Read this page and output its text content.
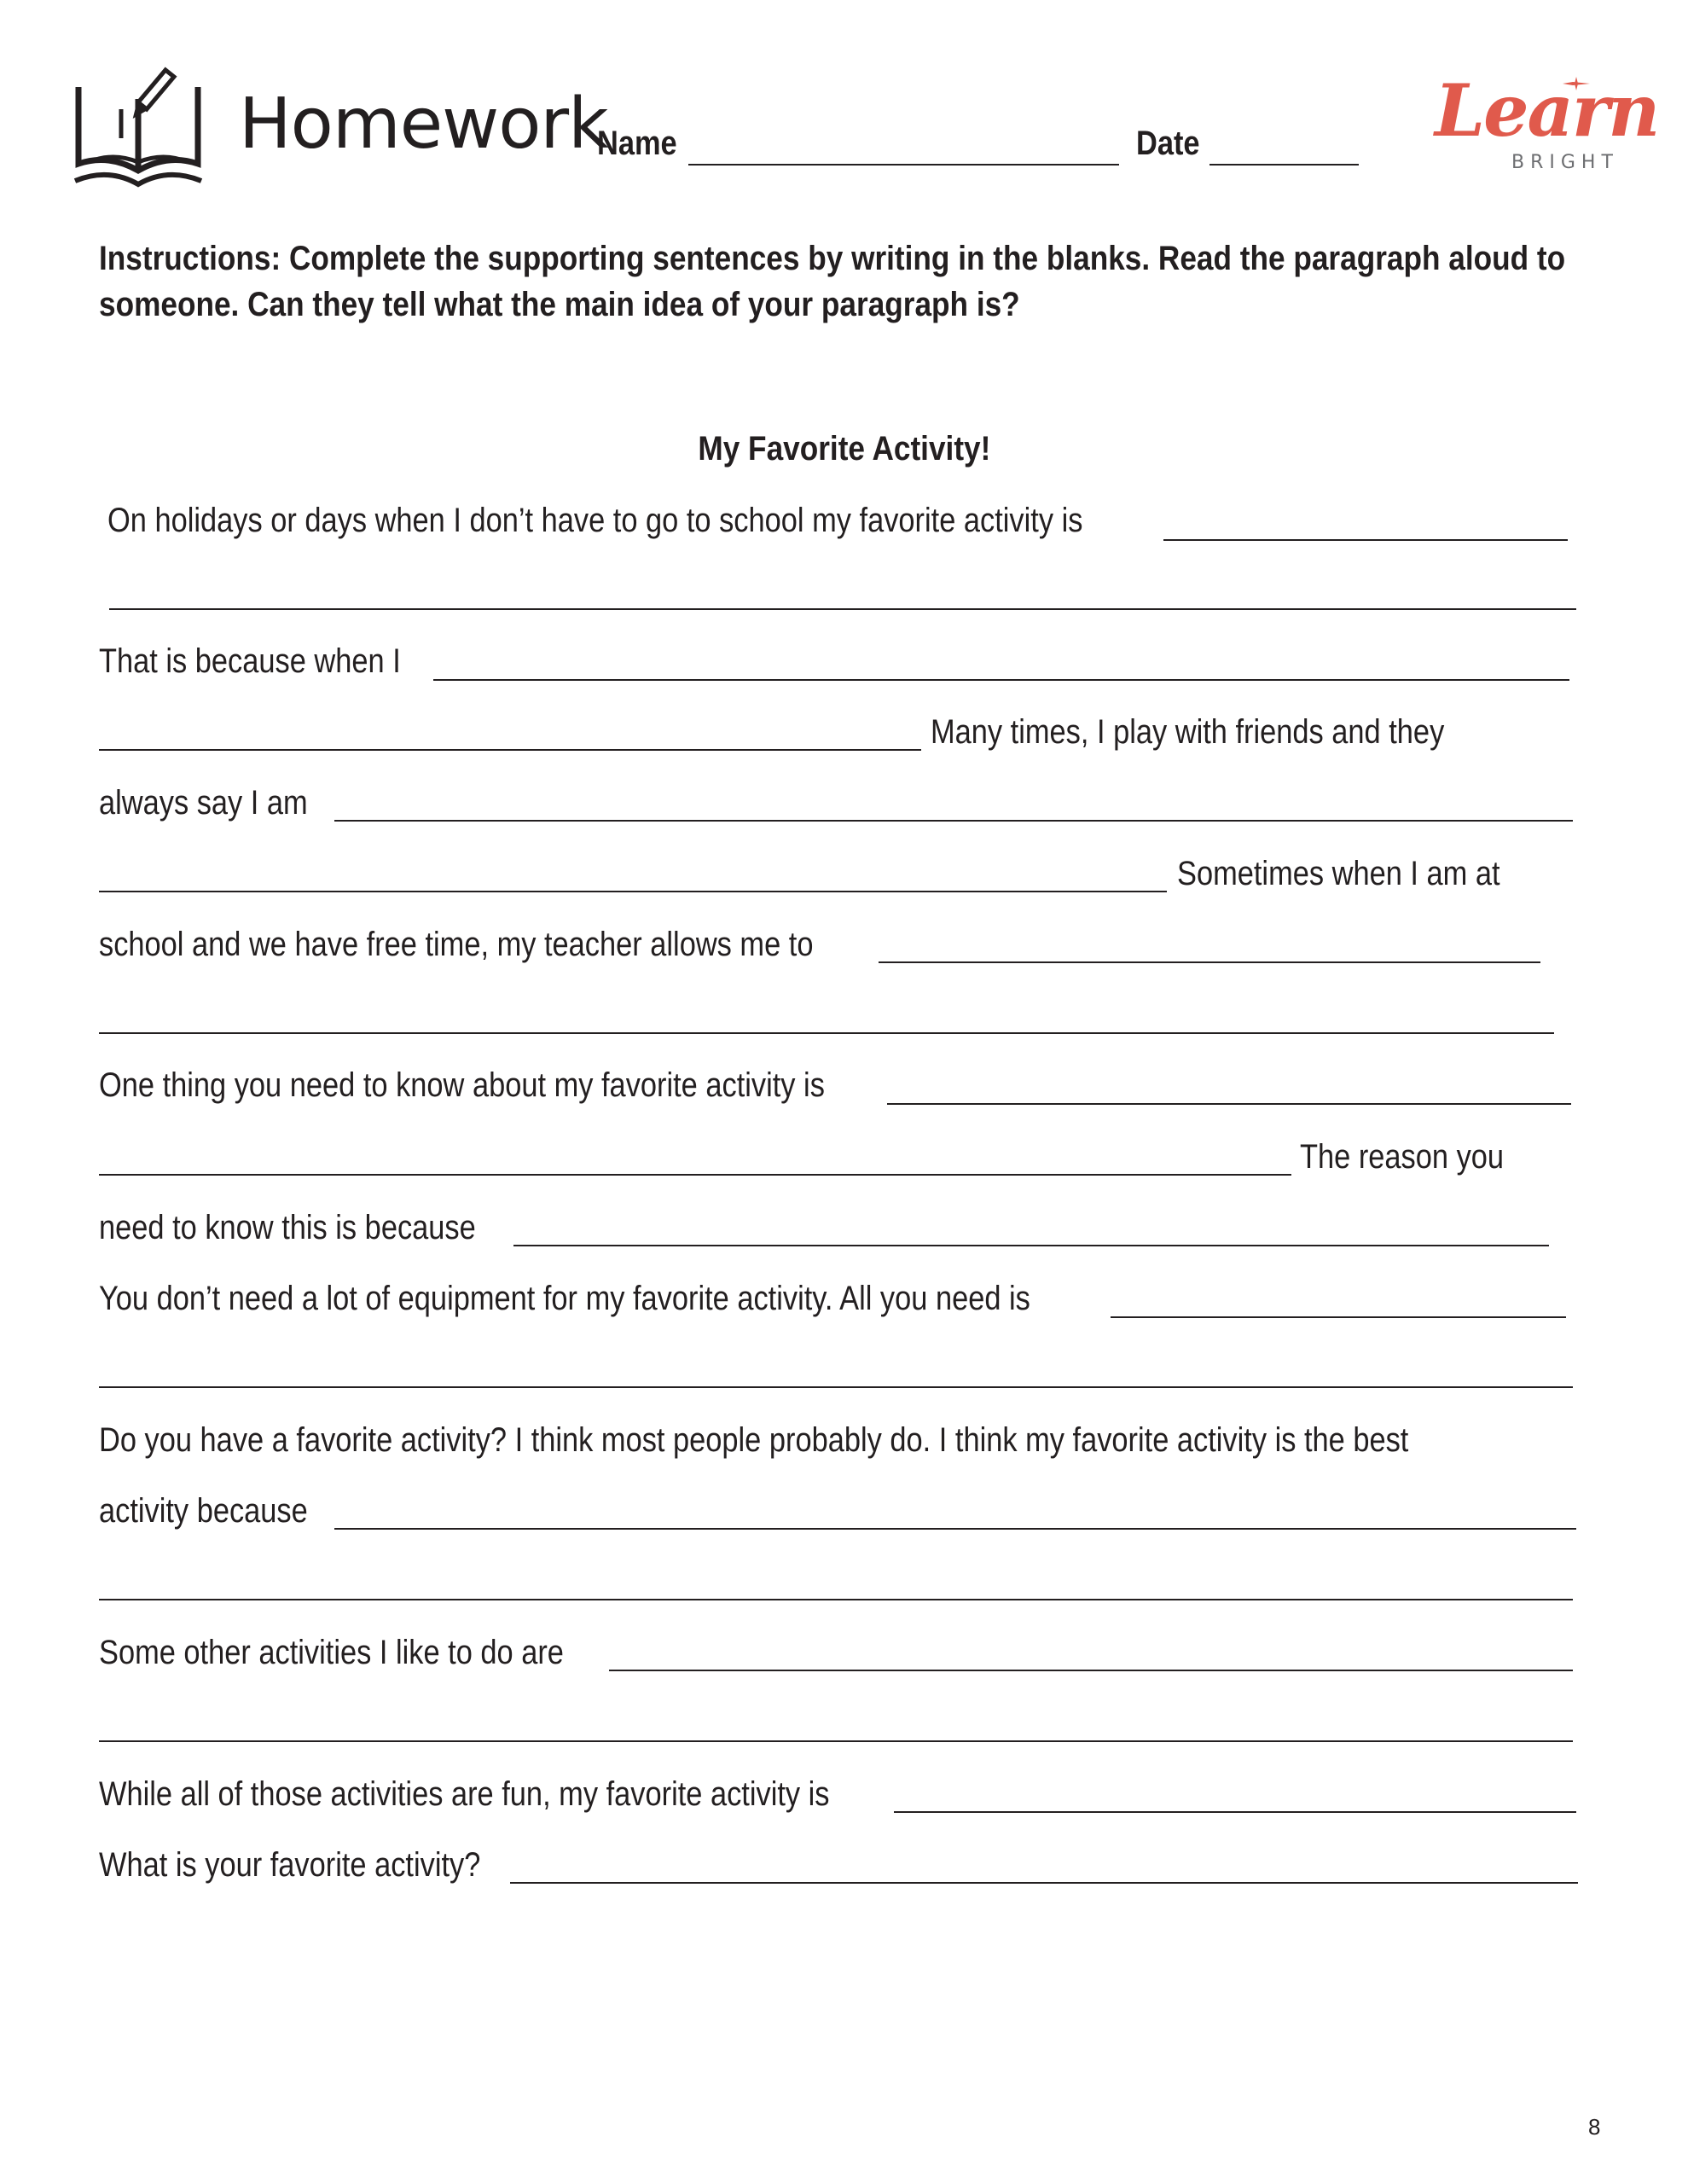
Homework
Name	Date	Learn
BRIGHT
Instructions: Complete the supporting sentences by writing in the blanks. Read the paragraph aloud to someone. Can they tell what the main idea of your paragraph is?
My Favorite Activity!
On holidays or days when I don’t have to go to school my favorite activity is
That is because when I
Many times, I play with friends and they
always say I am
Sometimes when I am at
school and we have free time, my teacher allows me to
One thing you need to know about my favorite activity is
The reason you
need to know this is because
You don’t need a lot of equipment for my favorite activity. All you need is
Do you have a favorite activity? I think most people probably do. I think my favorite activity is the best
activity because
Some other activities I like to do are
While all of those activities are fun, my favorite activity is
What is your favorite activity?
8
